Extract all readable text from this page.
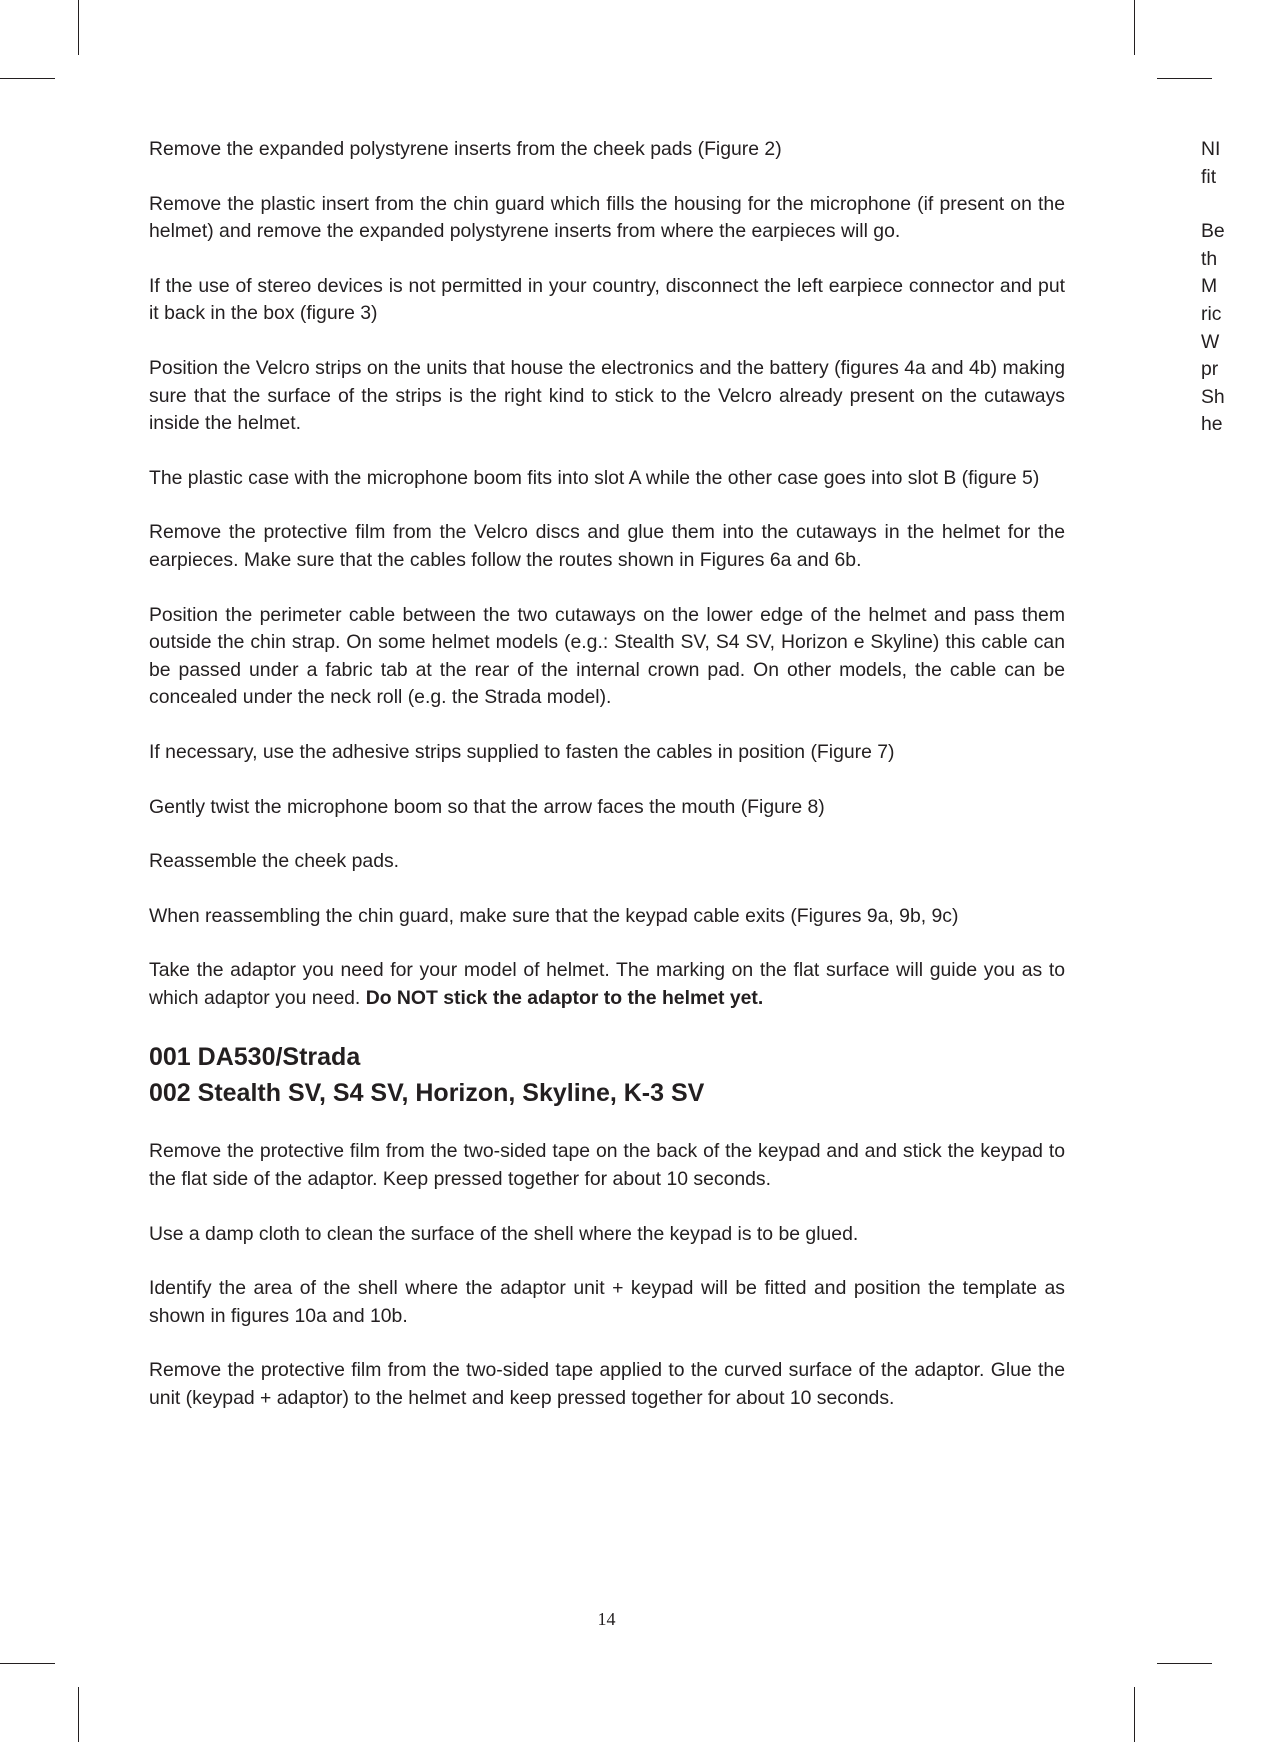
Remove the expanded polystyrene inserts from the cheek pads (Figure 2)

Remove the plastic insert from the chin guard which fills the housing for the microphone (if present on the helmet) and remove the expanded polystyrene inserts from where the earpieces will go.

If the use of stereo devices is not permitted in your country, disconnect the left earpiece connector and put it back in the box (figure 3)

Position the Velcro strips on the units that house the electronics and the battery (figures 4a and 4b) making sure that the surface of the strips is the right kind to stick to the Velcro already present on the cutaways inside the helmet.

The plastic case with the microphone boom fits into slot A while the other case goes into slot B (figure 5)

Remove the protective film from the Velcro discs and glue them into the cutaways in the helmet for the earpieces. Make sure that the cables follow the routes shown in Figures 6a and 6b.

Position the perimeter cable between the two cutaways on the lower edge of the helmet and pass them outside the chin strap. On some helmet models (e.g.: Stealth SV, S4 SV, Horizon e Skyline) this cable can be passed under a fabric tab at the rear of the internal crown pad. On other models, the cable can be concealed under the neck roll (e.g. the Strada model).

If necessary, use the adhesive strips supplied to fasten the cables in position (Figure 7)

Gently twist the microphone boom so that the arrow faces the mouth (Figure 8)

Reassemble the cheek pads.

When reassembling the chin guard, make sure that the keypad cable exits (Figures 9a, 9b, 9c)

Take the adaptor you need for your model of helmet. The marking on the flat surface will guide you as to which adaptor you need. Do NOT stick the adaptor to the helmet yet.

001 DA530/Strada
002 Stealth SV, S4 SV, Horizon, Skyline, K-3 SV

Remove the protective film from the two-sided tape on the back of the keypad and and stick the keypad to the flat side of the adaptor. Keep pressed together for about 10 seconds.

Use a damp cloth to clean the surface of the shell where the keypad is to be glued.

Identify the area of the shell where the adaptor unit + keypad will be fitted and position the template as shown in figures 10a and 10b.

Remove the protective film from the two-sided tape applied to the curved surface of the adaptor. Glue the unit (keypad + adaptor) to the helmet and keep pressed together for about 10 seconds.

14
NI
fit
Be
th
M
ric
W
pr
Sh
he
